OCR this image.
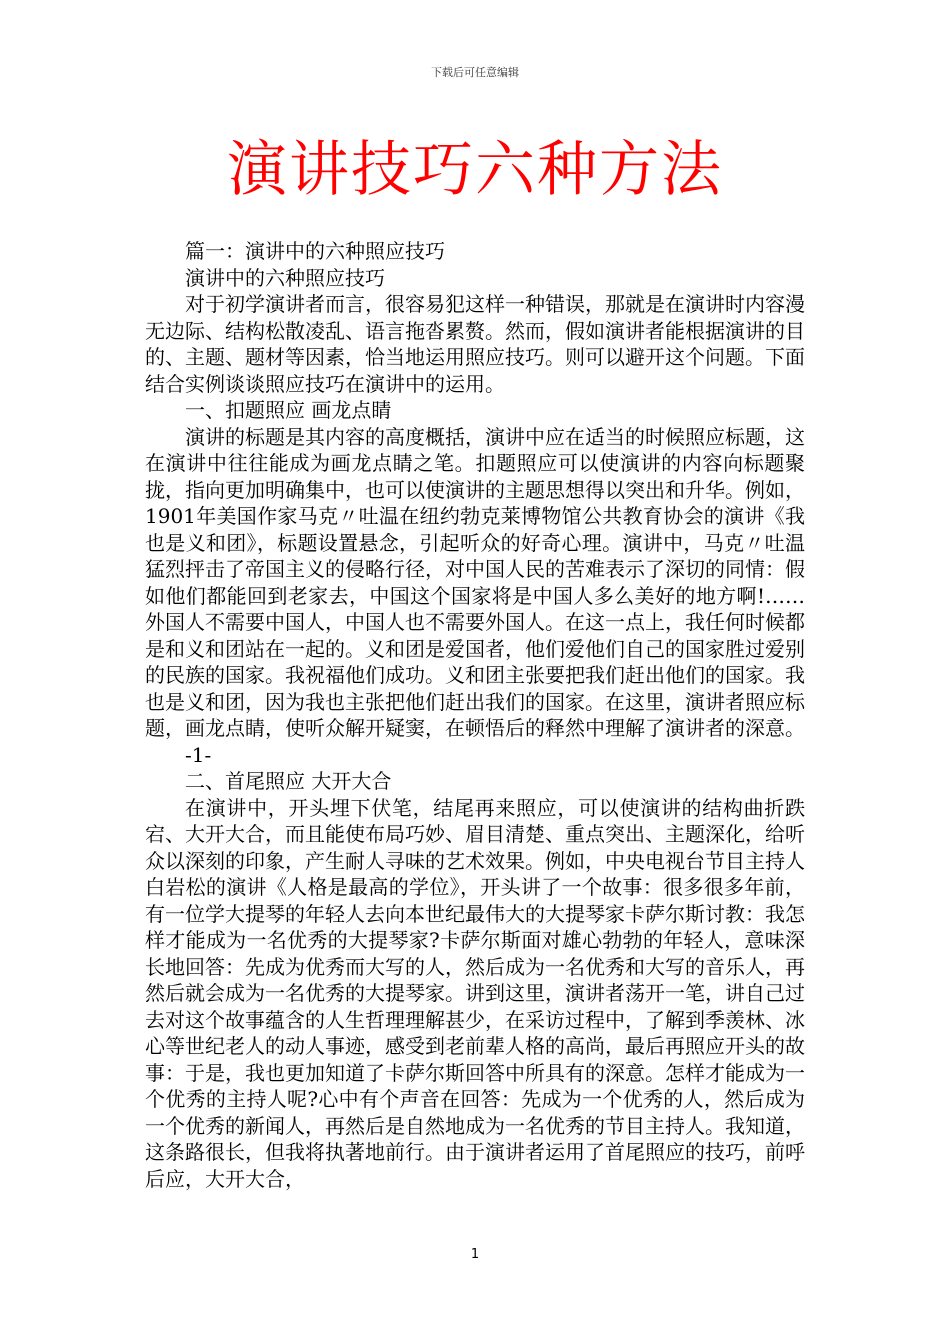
下载后可任意编辑
演讲技巧六种方法

篇一：演讲中的六种照应技巧

演讲中的六种照应技巧

对于初学演讲者而言，很容易犯这样一种错误，那就是在演讲时内容漫无边际、结构松散凌乱、语言拖沓累赘。然而，假如演讲者能根据演讲的目的、主题、题材等因素，恰当地运用照应技巧。则可以避开这个问题。下面结合实例谈谈照应技巧在演讲中的运用。

一、扣题照应 画龙点睛

演讲的标题是其内容的高度概括，演讲中应在适当的时候照应标题，这在演讲中往往能成为画龙点睛之笔。扣题照应可以使演讲的内容向标题聚拢，指向更加明确集中，也可以使演讲的主题思想得以突出和升华。例如，1901年美国作家马克〃吐温在纽约勃克莱博物馆公共教育协会的演讲《我也是义和团》，标题设置悬念，引起听众的好奇心理。演讲中，马克〃吐温猛烈抨击了帝国主义的侵略行径，对中国人民的苦难表示了深切的同情：假如他们都能回到老家去，中国这个国家将是中国人多么美好的地方啊!……外国人不需要中国人，中国人也不需要外国人。在这一点上，我任何时候都是和义和团站在一起的。义和团是爱国者，他们爱他们自己的国家胜过爱别的民族的国家。我祝福他们成功。义和团主张要把我们赶出他们的国家。我也是义和团，因为我也主张把他们赶出我们的国家。在这里，演讲者照应标题，画龙点睛，使听众解开疑窦，在顿悟后的释然中理解了演讲者的深意。

-1-

二、首尾照应 大开大合

在演讲中，开头埋下伏笔，结尾再来照应，可以使演讲的结构曲折跌宕、大开大合，而且能使布局巧妙、眉目清楚、重点突出、主题深化，给听众以深刻的印象，产生耐人寻味的艺术效果。例如，中央电视台节目主持人白岩松的演讲《人格是最高的学位》，开头讲了一个故事：很多很多年前，有一位学大提琴的年轻人去向本世纪最伟大的大提琴家卡萨尔斯讨教：我怎样才能成为一名优秀的大提琴家?卡萨尔斯面对雄心勃勃的年轻人，意味深长地回答：先成为优秀而大写的人，然后成为一名优秀和大写的音乐人，再然后就会成为一名优秀的大提琴家。讲到这里，演讲者荡开一笔，讲自己过去对这个故事蕴含的人生哲理理解甚少，在采访过程中，了解到季羡林、冰心等世纪老人的动人事迹，感受到老前辈人格的高尚，最后再照应开头的故事：于是，我也更加知道了卡萨尔斯回答中所具有的深意。怎样才能成为一个优秀的主持人呢?心中有个声音在回答：先成为一个优秀的人，然后成为一个优秀的新闻人，再然后是自然地成为一名优秀的节目主持人。我知道，这条路很长，但我将执著地前行。由于演讲者运用了首尾照应的技巧，前呼后应，大开大合，

1
